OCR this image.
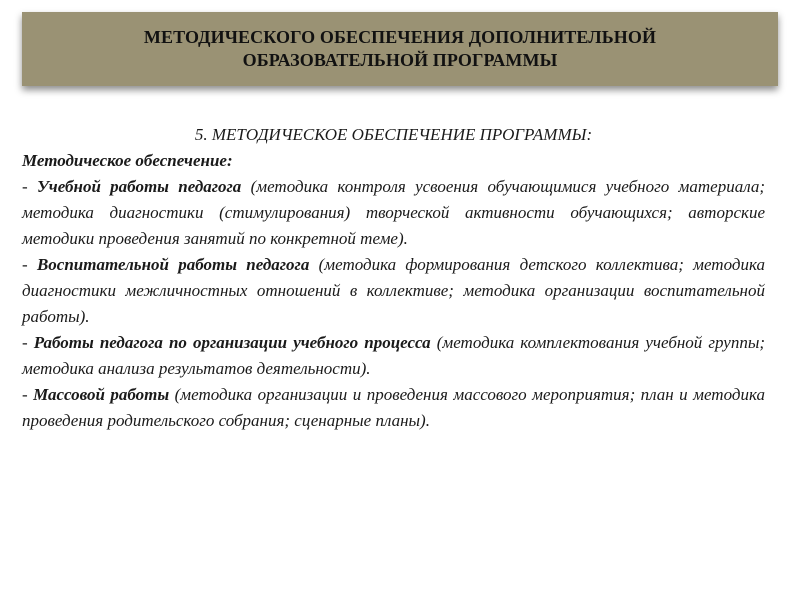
МЕТОДИЧЕСКОГО ОБЕСПЕЧЕНИЯ ДОПОЛНИТЕЛЬНОЙ ОБРАЗОВАТЕЛЬНОЙ ПРОГРАММЫ
5. МЕТОДИЧЕСКОЕ ОБЕСПЕЧЕНИЕ ПРОГРАММЫ:
Методическое обеспечение:
- Учебной работы педагога (методика контроля усвоения обучающимися учебного материала; методика диагностики (стимулирования) творческой активности обучающихся; авторские методики проведения занятий по конкретной теме).
- Воспитательной работы педагога (методика формирования детского коллектива; методика диагностики межличностных отношений в коллективе; методика организации воспитательной работы).
- Работы педагога по организации учебного процесса (методика комплектования учебной группы; методика анализа результатов деятельности).
- Массовой работы (методика организации и проведения массового мероприятия; план и методика проведения родительского собрания; сценарные планы).
